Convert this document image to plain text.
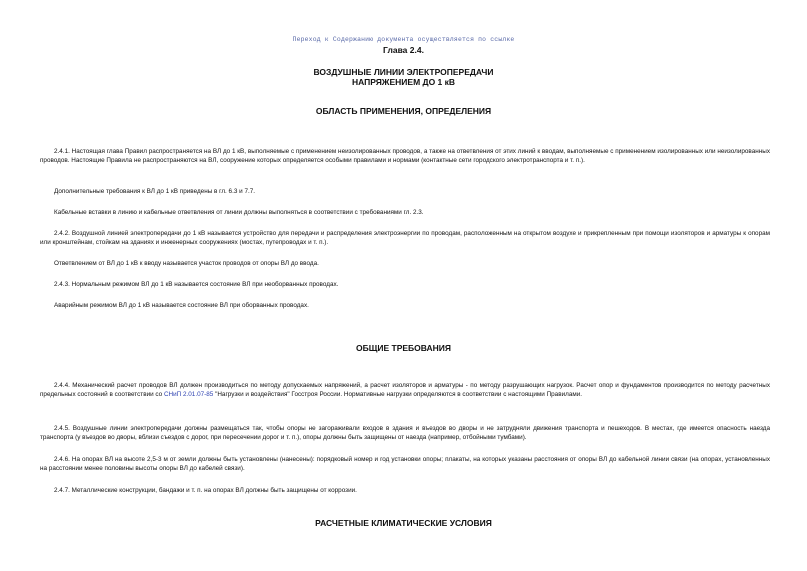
Переход к Содержанию документа осуществляется по ссылке
Глава 2.4.
ВОЗДУШНЫЕ ЛИНИИ ЭЛЕКТРОПЕРЕДАЧИ
НАПРЯЖЕНИЕМ ДО 1 кВ
ОБЛАСТЬ ПРИМЕНЕНИЯ, ОПРЕДЕЛЕНИЯ
2.4.1. Настоящая глава Правил распространяется на ВЛ до 1 кВ, выполняемые с применением неизолированных проводов, а также на ответвления от этих линий к вводам, выполняемые с применением изолированных или неизолированных проводов. Настоящие Правила не распространяются на ВЛ, сооружение которых определяется особыми правилами и нормами (контактные сети городского электротранспорта и т. п.).
Дополнительные требования к ВЛ до 1 кВ приведены в гл. 6.3 и 7.7.
Кабельные вставки в линию и кабельные ответвления от линии должны выполняться в соответствии с требованиями гл. 2.3.
2.4.2. Воздушной линией электропередачи до 1 кВ называется устройство для передачи и распределения электроэнергии по проводам, расположенным на открытом воздухе и прикрепленным при помощи изоляторов и арматуры к опорам или кронштейнам, стойкам на зданиях и инженерных сооружениях (мостах, путепроводах и т. п.).
Ответвлением от ВЛ до 1 кВ к вводу называется участок проводов от опоры ВЛ до ввода.
2.4.3. Нормальным режимом ВЛ до 1 кВ называется состояние ВЛ при необорванных проводах.
Аварийным режимом ВЛ до 1 кВ называется состояние ВЛ при оборванных проводах.
ОБЩИЕ ТРЕБОВАНИЯ
2.4.4. Механический расчет проводов ВЛ должен производиться по методу допускаемых напряжений, а расчет изоляторов и арматуры - по методу разрушающих нагрузок. Расчет опор и фундаментов производится по методу расчетных предельных состояний в соответствии со СНиП 2.01.07-85 "Нагрузки и воздействия" Госстроя России. Нормативные нагрузки определяются в соответствии с настоящими Правилами.
2.4.5. Воздушные линии электропередачи должны размещаться так, чтобы опоры не загораживали входов в здания и въездов во дворы и не затрудняли движения транспорта и пешеходов. В местах, где имеется опасность наезда транспорта (у въездов во дворы, вблизи съездов с дорог, при пересечении дорог и т. п.), опоры должны быть защищены от наезда (например, отбойными тумбами).
2.4.6. На опорах ВЛ на высоте 2,5-3 м от земли должны быть установлены (нанесены): порядковый номер и год установки опоры; плакаты, на которых указаны расстояния от опоры ВЛ до кабельной линии связи (на опорах, установленных на расстоянии менее половины высоты опоры ВЛ до кабелей связи).
2.4.7. Металлические конструкции, бандажи и т. п. на опорах ВЛ должны быть защищены от коррозии.
РАСЧЕТНЫЕ КЛИМАТИЧЕСКИЕ УСЛОВИЯ
